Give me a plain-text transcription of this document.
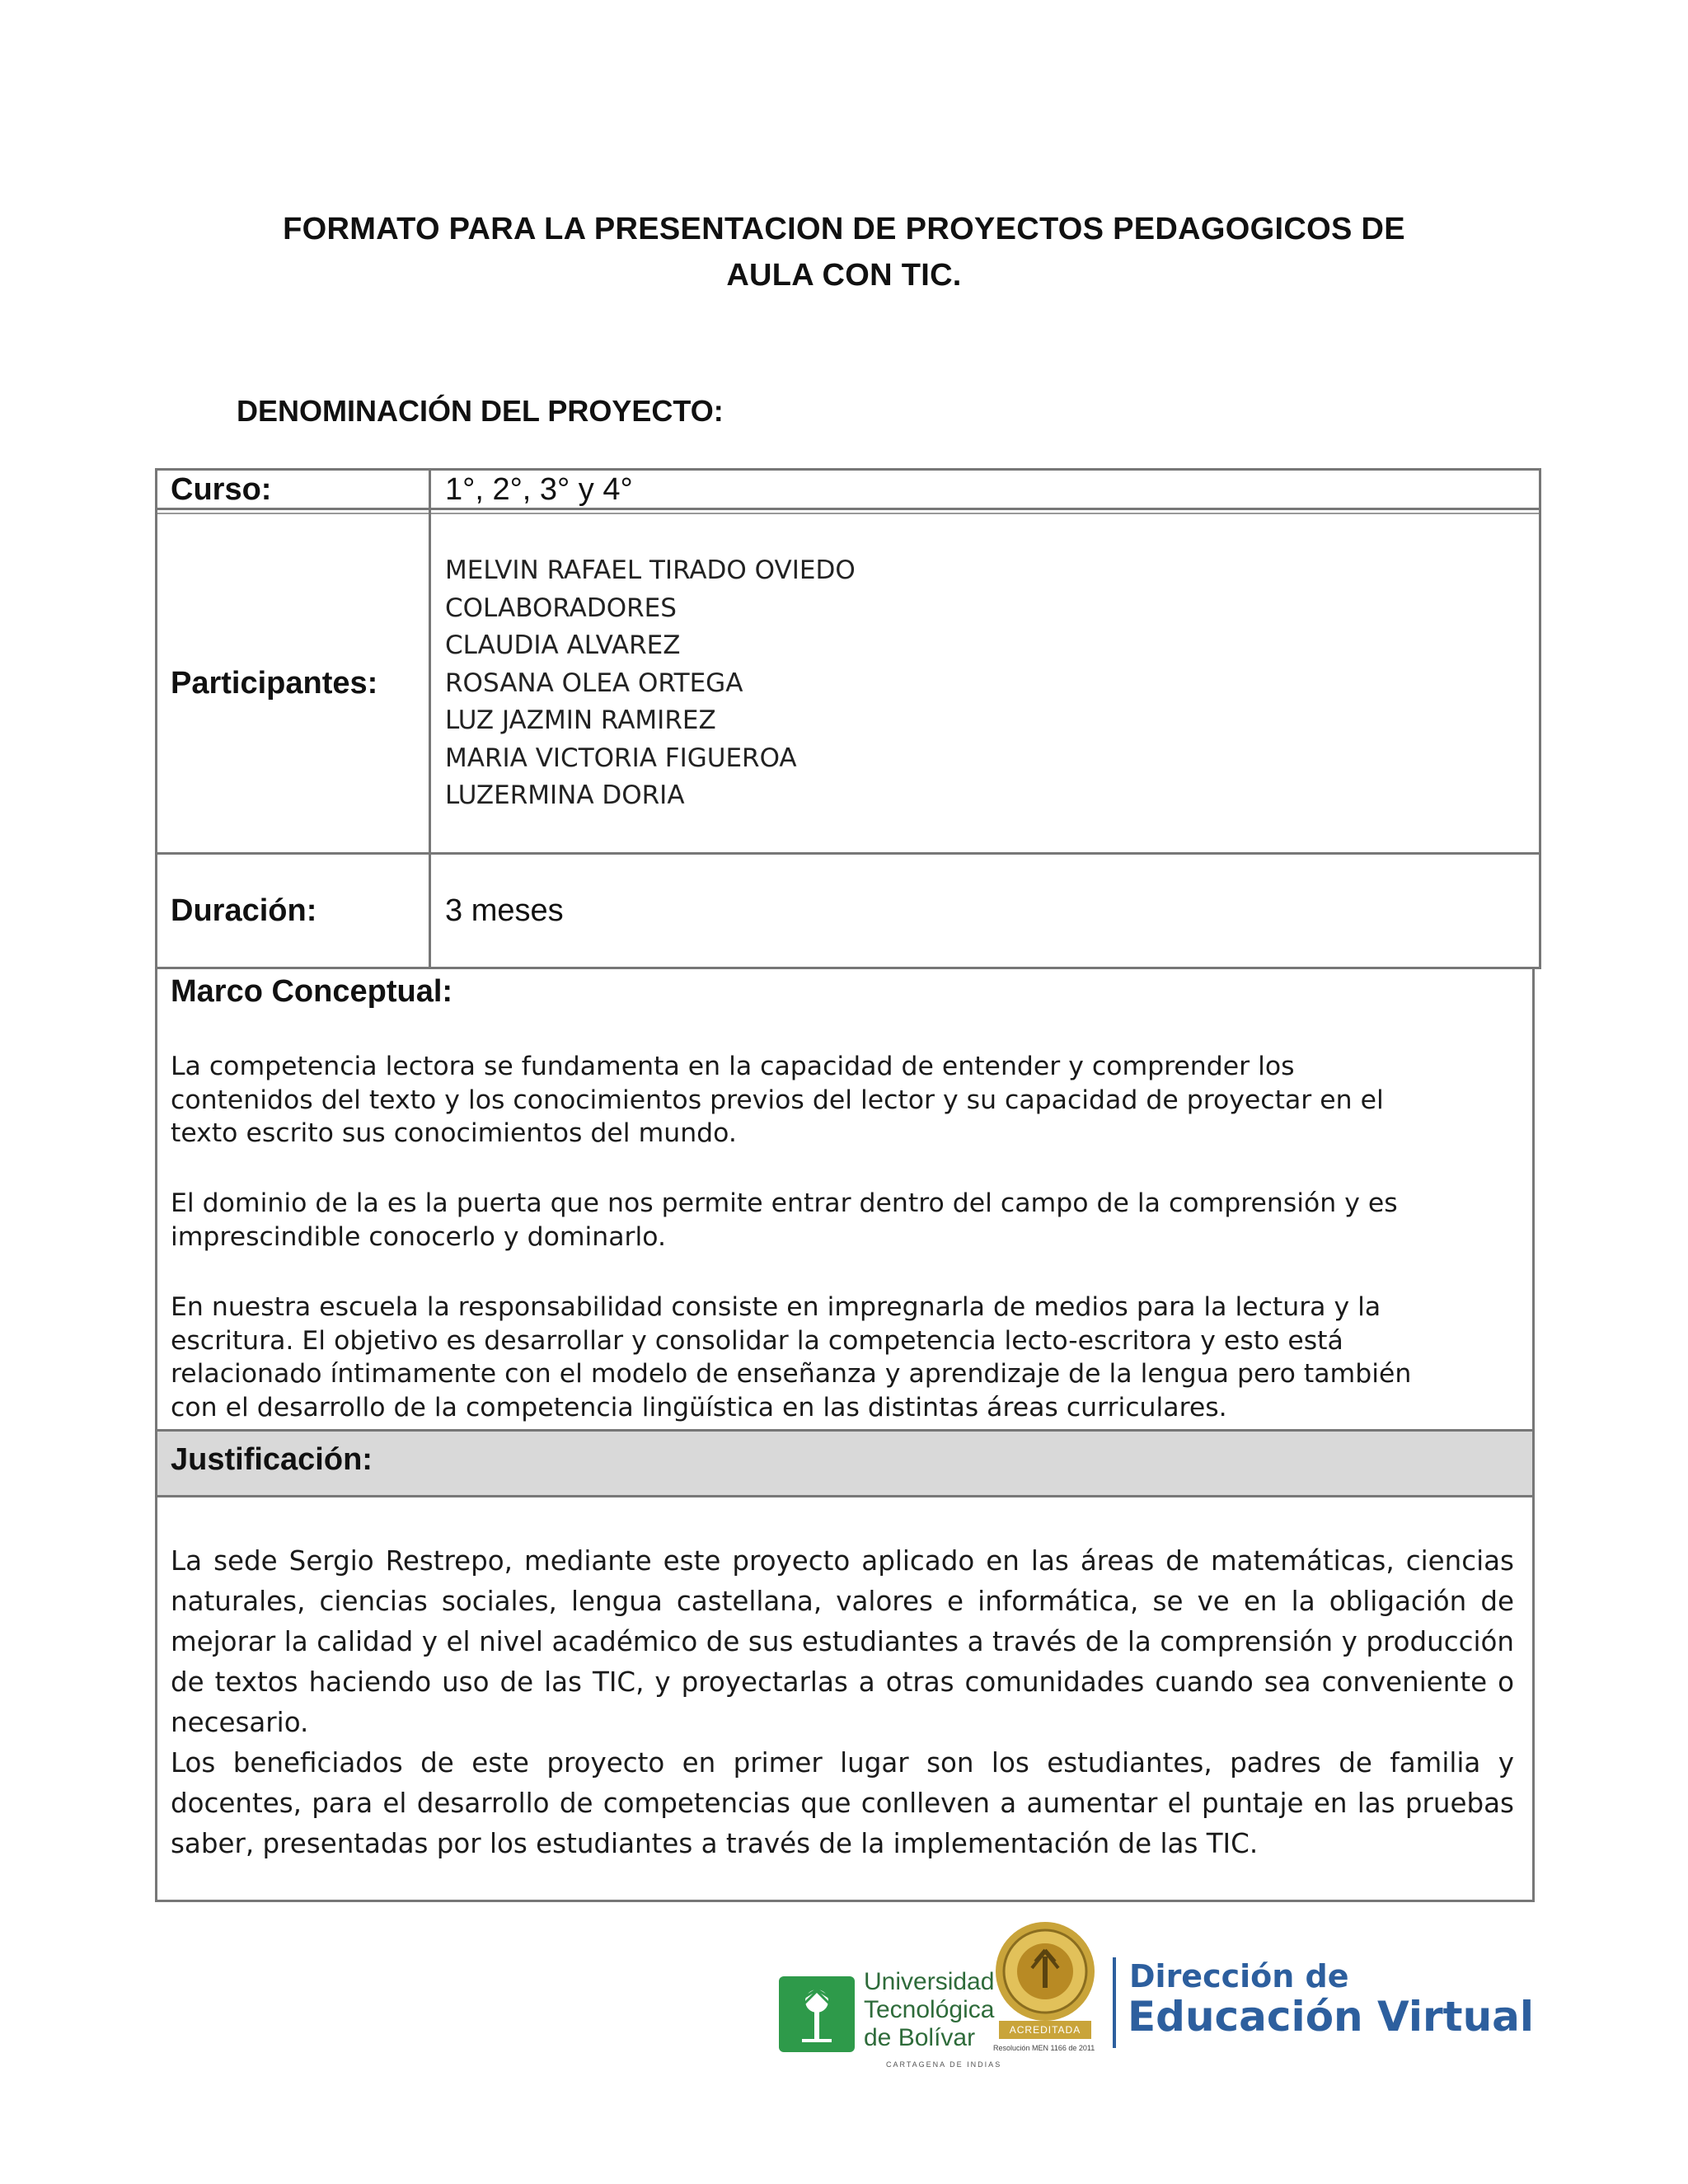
FORMATO PARA LA PRESENTACION DE PROYECTOS PEDAGOGICOS DE
AULA CON TIC.
DENOMINACIÓN DEL PROYECTO:
Curso:	1°, 2°, 3° y 4°
Participantes:
MELVIN RAFAEL TIRADO OVIEDO
COLABORADORES
CLAUDIA ALVAREZ
ROSANA OLEA ORTEGA
LUZ JAZMIN RAMIREZ
MARIA VICTORIA FIGUEROA
LUZERMINA DORIA
Duración:	3 meses
Marco Conceptual:
La competencia lectora se fundamenta en la capacidad de entender y comprender los
contenidos del texto y los conocimientos previos del lector y su capacidad de proyectar en el
texto escrito sus conocimientos del mundo.
El dominio de la es la puerta que nos permite entrar dentro del campo de la comprensión y es
imprescindible conocerlo y dominarlo.
En nuestra escuela la responsabilidad consiste en impregnarla de medios para la lectura y la
escritura. El objetivo es desarrollar y consolidar la competencia lecto-escritora y esto está
relacionado íntimamente con el modelo de enseñanza y aprendizaje de la lengua pero también
con el desarrollo de la competencia lingüística en las distintas áreas curriculares.
Justificación:

La sede Sergio Restrepo, mediante este proyecto aplicado en las áreas de matemáticas, ciencias naturales, ciencias sociales, lengua castellana, valores e informática, se ve en la obligación de mejorar la calidad y el nivel académico de sus estudiantes a través de la comprensión y producción de textos haciendo uso de las TIC, y proyectarlas a otras comunidades cuando sea conveniente o necesario.

Los beneficiados de este proyecto en primer lugar son los estudiantes, padres de familia y docentes, para el desarrollo de competencias que conlleven a aumentar el puntaje en las pruebas saber, presentadas por los estudiantes a través de la implementación de las TIC.

Universidad
Tecnológica
de Bolívar
CARTAGENA DE INDIAS
ACREDITADA
Resolución MEN 1166 de 2011
Dirección de
Educación Virtual
